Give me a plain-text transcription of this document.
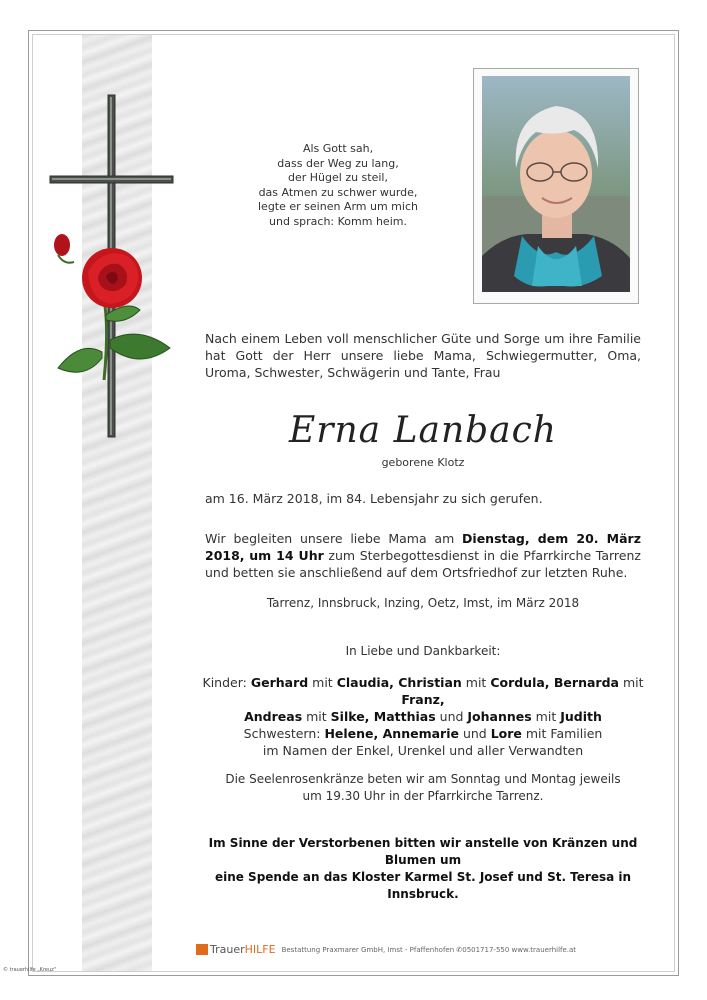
Als Gott sah,
dass der Weg zu lang,
der Hügel zu steil,
das Atmen zu schwer wurde,
legte er seinen Arm um mich
und sprach: Komm heim.
Nach einem Leben voll menschlicher Güte und Sorge um ihre Familie hat Gott der Herr unsere liebe Mama, Schwiegermutter, Oma, Uroma, Schwester, Schwägerin und Tante, Frau
Erna Lanbach
geborene Klotz
am 16. März 2018, im 84. Lebensjahr zu sich gerufen.
Wir begleiten unsere liebe Mama am Dienstag, dem 20. März 2018, um 14 Uhr zum Sterbegottesdienst in die Pfarrkirche Tarrenz und betten sie anschließend auf dem Ortsfriedhof zur letzten Ruhe.
Tarrenz, Innsbruck, Inzing, Oetz, Imst, im März 2018
In Liebe und Dankbarkeit:
Kinder: Gerhard mit Claudia, Christian mit Cordula, Bernarda mit Franz,
Andreas mit Silke, Matthias und Johannes mit Judith
Schwestern: Helene, Annemarie und Lore mit Familien
im Namen der Enkel, Urenkel und aller Verwandten
Die Seelenrosenkränze beten wir am Sonntag und Montag jeweils
um 19.30 Uhr in der Pfarrkirche Tarrenz.
Im Sinne der Verstorbenen bitten wir anstelle von Kränzen und Blumen um
eine Spende an das Kloster Karmel St. Josef und St. Teresa in Innsbruck.
TrauerHILFE Bestattung Praxmarer GmbH, Imst - Pfaffenhofen ✆0501717-550 www.trauerhilfe.at
© trauerhilfe „Kreuz"
